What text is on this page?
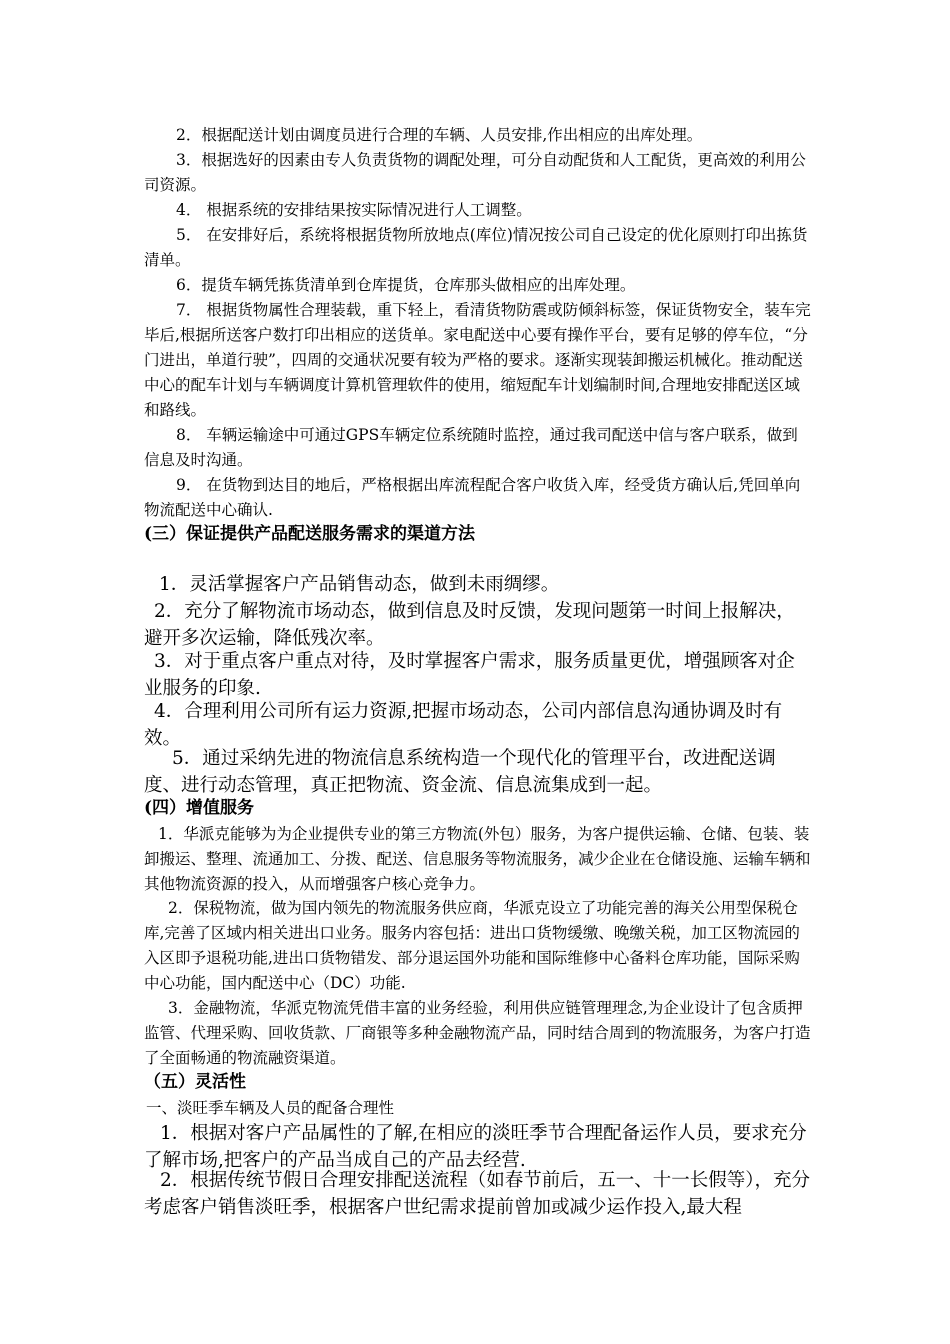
2．根据配送计划由调度员进行合理的车辆、人员安排,作出相应的出库处理。

3．根据选好的因素由专人负责货物的调配处理，可分自动配货和人工配货，更高效的利用公司资源。

4． 根据系统的安排结果按实际情况进行人工调整。

5． 在安排好后，系统将根据货物所放地点(库位)情况按公司自己设定的优化原则打印出拣货清单。

6．提货车辆凭拣货清单到仓库提货，仓库那头做相应的出库处理。

7． 根据货物属性合理装载，重下轻上，看清货物防震或防倾斜标签，保证货物安全，装车完毕后,根据所送客户数打印出相应的送货单。家电配送中心要有操作平台，要有足够的停车位，“分门进出，单道行驶”，四周的交通状况要有较为严格的要求。逐渐实现装卸搬运机械化。推动配送中心的配车计划与车辆调度计算机管理软件的使用，缩短配车计划编制时间,合理地安排配送区域和路线。

8． 车辆运输途中可通过GPS车辆定位系统随时监控，通过我司配送中信与客户联系，做到信息及时沟通。

9． 在货物到达目的地后，严格根据出库流程配合客户收货入库，经受货方确认后,凭回单向物流配送中心确认.

(三）保证提供产品配送服务需求的渠道方法

1．灵活掌握客户产品销售动态，做到未雨绸缪。

2．充分了解物流市场动态，做到信息及时反馈，发现问题第一时间上报解决，避开多次运输，降低残次率。

3．对于重点客户重点对待，及时掌握客户需求，服务质量更优，增强顾客对企业服务的印象.

4．合理利用公司所有运力资源,把握市场动态，公司内部信息沟通协调及时有效。

5．通过采纳先进的物流信息系统构造一个现代化的管理平台，改进配送调度、进行动态管理，真正把物流、资金流、信息流集成到一起。

(四）增值服务

1．华派克能够为为企业提供专业的第三方物流(外包）服务，为客户提供运输、仓储、包装、装卸搬运、整理、流通加工、分拨、配送、信息服务等物流服务，减少企业在仓储设施、运输车辆和其他物流资源的投入，从而增强客户核心竞争力。

2．保税物流，做为国内领先的物流服务供应商，华派克设立了功能完善的海关公用型保税仓库,完善了区域内相关进出口业务。服务内容包括：进出口货物缓缴、晚缴关税，加工区物流园的入区即予退税功能,进出口货物错发、部分退运国外功能和国际维修中心备料仓库功能，国际采购中心功能，国内配送中心（DC）功能.

3．金融物流，华派克物流凭借丰富的业务经验，利用供应链管理理念,为企业设计了包含质押监管、代理采购、回收货款、厂商银等多种金融物流产品，同时结合周到的物流服务，为客户打造了全面畅通的物流融资渠道。

（五）灵活性

一、淡旺季车辆及人员的配备合理性

1．根据对客户产品属性的了解,在相应的淡旺季节合理配备运作人员，要求充分了解市场,把客户的产品当成自己的产品去经营.

2．根据传统节假日合理安排配送流程（如春节前后，五一、十一长假等），充分考虑客户销售淡旺季，根据客户世纪需求提前曾加或减少运作投入,最大程
